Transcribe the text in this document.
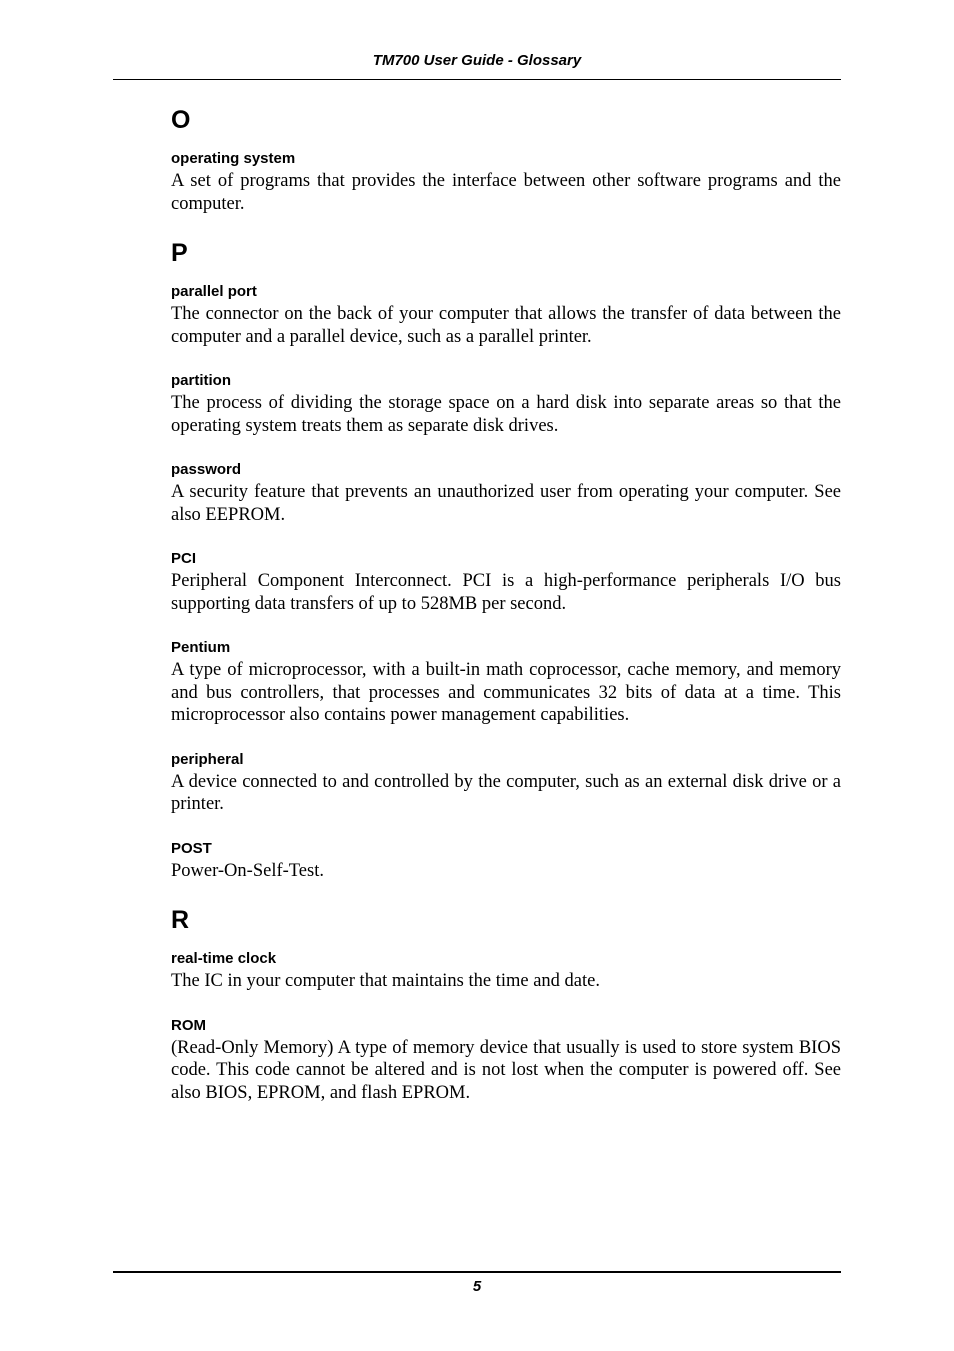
TM700 User Guide - Glossary
O
operating system
A set of programs that provides the interface between other software programs and the computer.
P
parallel port
The connector on the back of your computer that allows the transfer of data between the computer and a parallel device, such as a parallel printer.
partition
The process of dividing the storage space on a hard disk into separate areas so that the operating system treats them as separate disk drives.
password
A security feature that prevents an unauthorized user from operating your computer. See also EEPROM.
PCI
Peripheral Component Interconnect. PCI is a high-performance peripherals I/O bus supporting data transfers of up to 528MB per second.
Pentium
A type of microprocessor, with a built-in math coprocessor, cache memory, and memory and bus controllers, that processes and communicates 32 bits of data at a time. This microprocessor also contains power management capabilities.
peripheral
A device connected to and controlled by the computer, such as an external disk drive or a printer.
POST
Power-On-Self-Test.
R
real-time clock
The IC in your computer that maintains the time and date.
ROM
(Read-Only Memory) A type of memory device that usually is used to store system BIOS code. This code cannot be altered and is not lost when the computer is powered off. See also BIOS, EPROM, and flash EPROM.
5
